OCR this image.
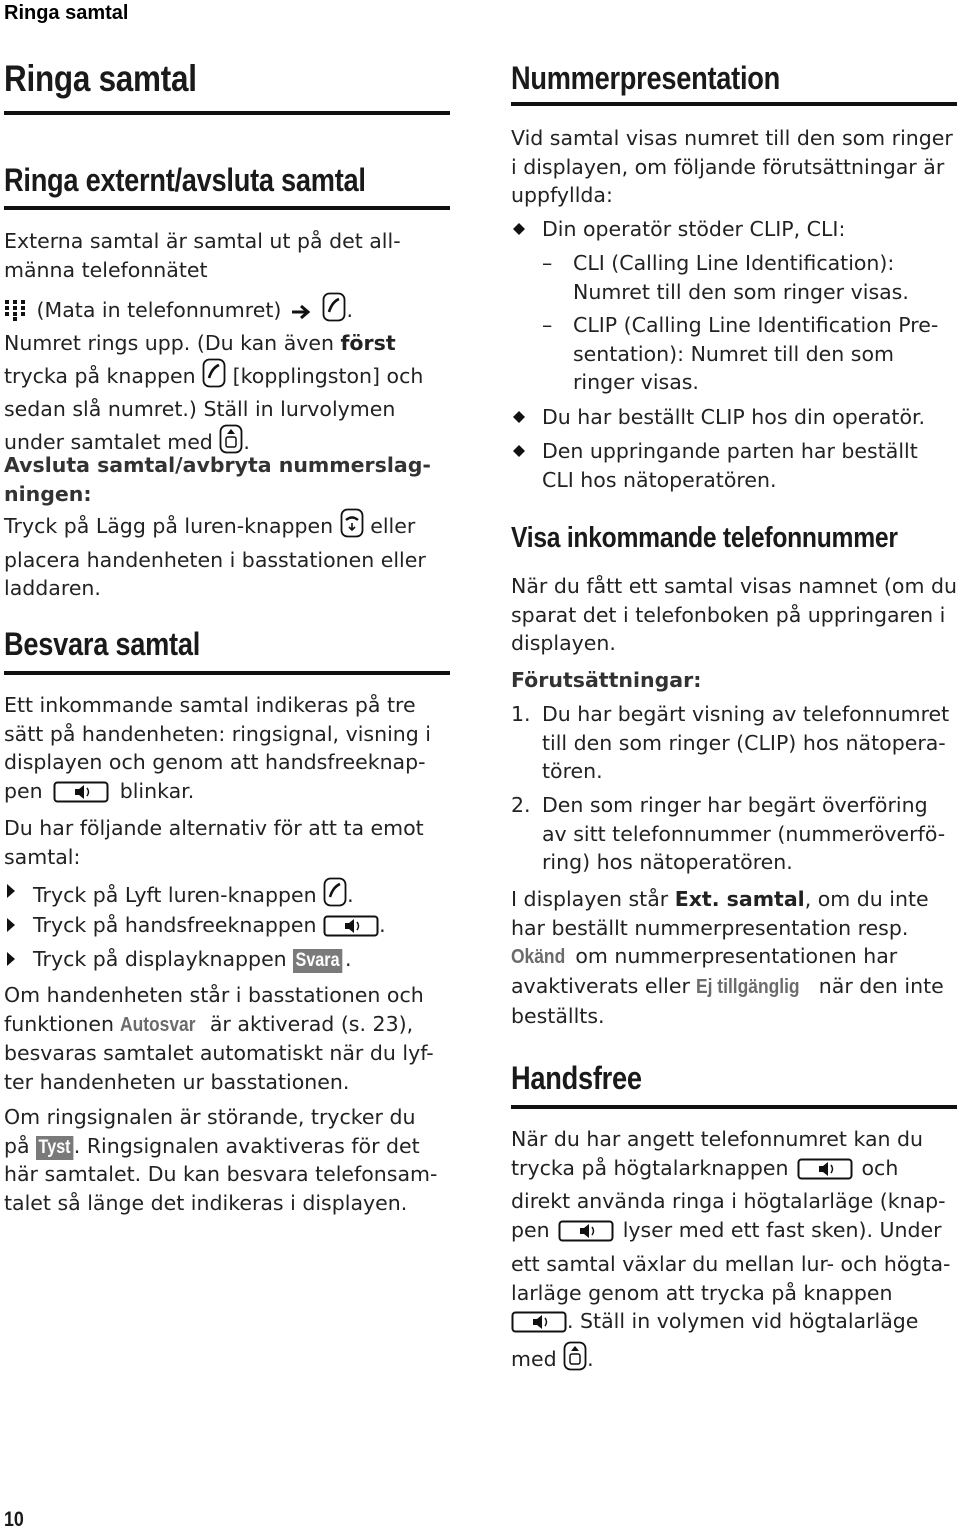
Ringa samtal
Ringa samtal
Ringa externt/avsluta samtal
Externa samtal är samtal ut på det all-
männa telefonnätet
(Mata in telefonnumret)	.
Numret rings upp. (Du kan även först
trycka på knappen [kopplingston] och
sedan slå numret.) Ställ in lurvolymen
under samtalet med .
Avsluta samtal/avbryta nummerslag-
ningen:
Tryck på Lägg på luren-knappen eller
placera handenheten i basstationen eller
laddaren.
Besvara samtal
Ett inkommande samtal indikeras på tre
sätt på handenheten: ringsignal, visning i
displayen och genom att handsfreeknap-
pen	blinkar.
Du har följande alternativ för att ta emot
samtal:
Tryck på Lyft luren-knappen .
Tryck på handsfreeknappen	.
Tryck på displayknappen Svara .
Om handenheten står i basstationen och
funktionen Autosvar är aktiverad (s. 23),
besvaras samtalet automatiskt när du lyf-
ter handenheten ur basstationen.
Om ringsignalen är störande, trycker du
på Tyst . Ringsignalen avaktiveras för det
här samtalet. Du kan besvara telefonsam-
talet så länge det indikeras i displayen.
Nummerpresentation
Vid samtal visas numret till den som ringer
i displayen, om följande förutsättningar är
uppfyllda:
Din operatör stöder CLIP, CLI:
– CLI (Calling Line Identification):
Numret till den som ringer visas.
– CLIP (Calling Line Identification Pre-
sentation): Numret till den som
ringer visas.
Du har beställt CLIP hos din operatör.
Den uppringande parten har beställt
CLI hos nätoperatören.
Visa inkommande telefonnummer
När du fått ett samtal visas namnet (om du
sparat det i telefonboken på uppringaren i
displayen.
Förutsättningar:
1. Du har begärt visning av telefonnumret
till den som ringer (CLIP) hos nätopera-
tören.
2. Den som ringer har begärt överföring
av sitt telefonnummer (nummeröverfö-
ring) hos nätoperatören.
I displayen står Ext. samtal, om du inte
har beställt nummerpresentation resp.
Okänd om nummerpresentationen har
avaktiverats eller Ej tillgänglig när den inte
beställts.
Handsfree
När du har angett telefonnumret kan du
trycka på högtalarknappen	och
direkt använda ringa i högtalarläge (knap-
pen	lyser med ett fast sken). Under
ett samtal växlar du mellan lur- och högta-
larläge genom att trycka på knappen
. Ställ in volymen vid högtalarläge
med .
10
